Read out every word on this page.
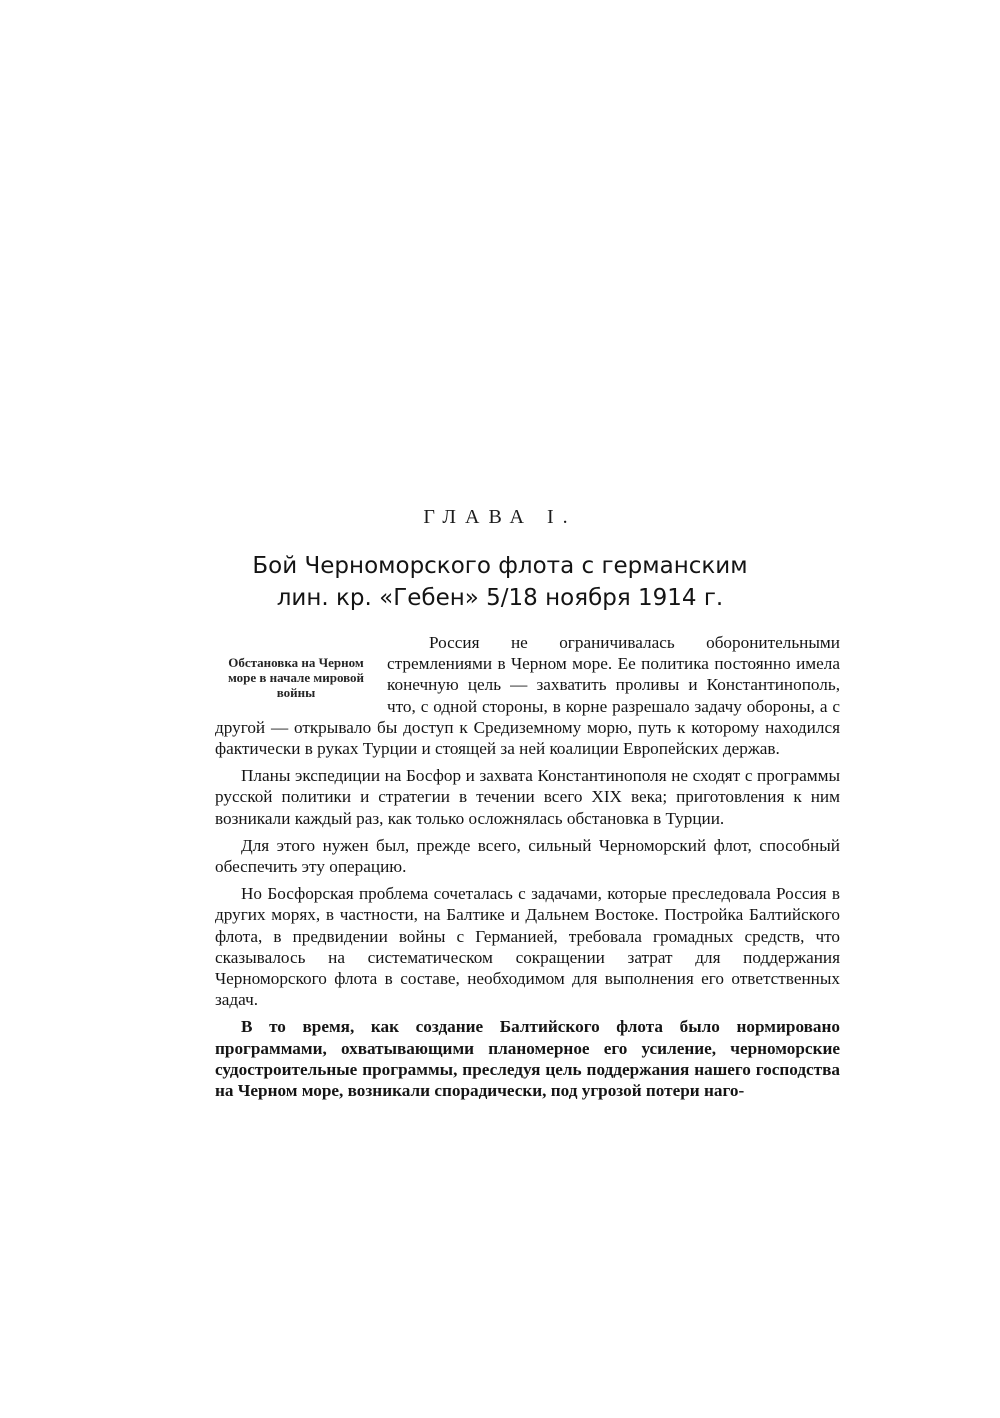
ГЛАВА I.
Бой Черноморского флота с германским
лин. кр. «Гебен» 5/18 ноября 1914 г.
Обстановка на Черном море в начале мировой войны

Россия не ограничивалась оборонительными стремлениями в Черном море. Ее политика постоянно имела конечную цель — захватить проливы и Константинополь, что, с одной стороны, в корне разрешало задачу обороны, а с другой — открывало бы доступ к Средиземному морю, путь к которому находился фактически в руках Турции и стоящей за ней коалиции Европейских держав.

Планы экспедиции на Босфор и захвата Константинополя не сходят с программы русской политики и стратегии в течении всего XIX века; приготовления к ним возникали каждый раз, как только осложнялась обстановка в Турции.

Для этого нужен был, прежде всего, сильный Черноморский флот, способный обеспечить эту операцию.

Но Босфорская проблема сочеталась с задачами, которые преследовала Россия в других морях, в частности, на Балтике и Дальнем Востоке. Постройка Балтийского флота, в предвидении войны с Германией, требовала громадных средств, что сказывалось на систематическом сокращении затрат для поддержания Черноморского флота в составе, необходимом для выполнения его ответственных задач.

В то время, как создание Балтийского флота было нормировано программами, охватывающими планомерное его усиление, черноморские судостроительные программы, преследуя цель поддержания нашего господства на Черном море, возникали спорадически, под угрозой потери наго-
